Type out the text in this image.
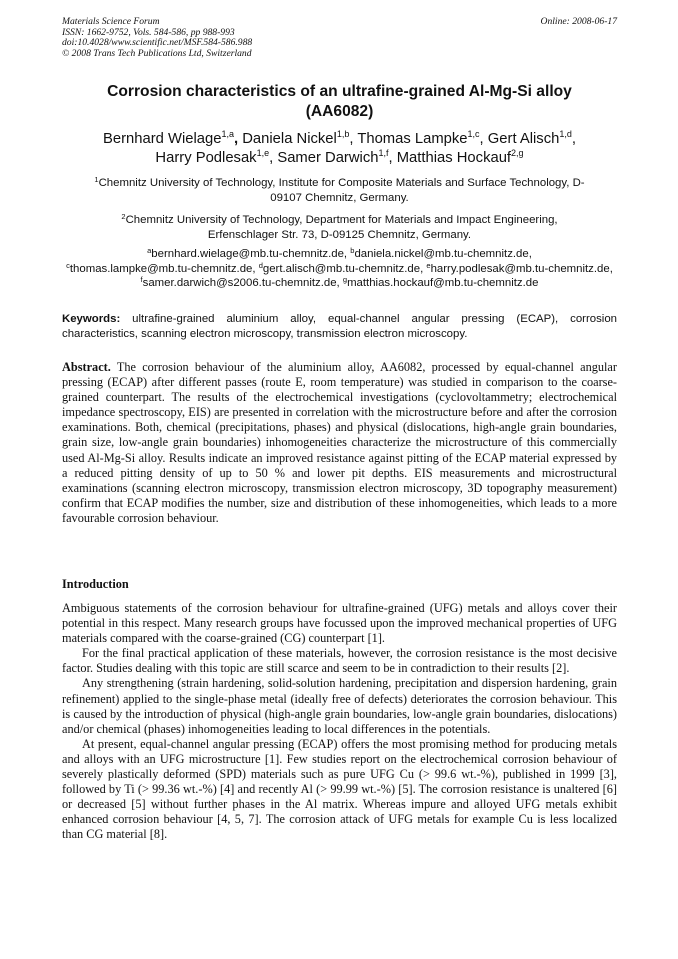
Materials Science Forum
ISSN: 1662-9752, Vols. 584-586, pp 988-993
doi:10.4028/www.scientific.net/MSF.584-586.988
© 2008 Trans Tech Publications Ltd, Switzerland
Online: 2008-06-17
Corrosion characteristics of an ultrafine-grained Al-Mg-Si alloy
(AA6082)
Bernhard Wielage$^{1,a}$, Daniela Nickel$^{1,b}$, Thomas Lampke$^{1,c}$, Gert Alisch$^{1,d}$,
Harry Podlesak$^{1,e}$, Samer Darwich$^{1,f}$, Matthias Hockauf$^{2,g}$
$^1$Chemnitz University of Technology, Institute for Composite Materials and Surface Technology, D-
09107 Chemnitz, Germany.
$^2$Chemnitz University of Technology, Department for Materials and Impact Engineering,
Erfenschlager Str. 73, D-09125 Chemnitz, Germany.
$^a$bernhard.wielage@mb.tu-chemnitz.de, $^b$daniela.nickel@mb.tu-chemnitz.de,
$^c$thomas.lampke@mb.tu-chemnitz.de, $^d$gert.alisch@mb.tu-chemnitz.de, $^e$harry.podlesak@mb.tu-chemnitz.de, $^f$samer.darwich@s2006.tu-chemnitz.de, $^g$matthias.hockauf@mb.tu-chemnitz.de
Keywords: ultrafine-grained aluminium alloy, equal-channel angular pressing (ECAP), corrosion characteristics, scanning electron microscopy, transmission electron microscopy.
Abstract. The corrosion behaviour of the aluminium alloy, AA6082, processed by equal-channel angular pressing (ECAP) after different passes (route E, room temperature) was studied in comparison to the coarse-grained counterpart. The results of the electrochemical investigations (cyclovoltammetry; electrochemical impedance spectroscopy, EIS) are presented in correlation with the microstructure before and after the corrosion examinations. Both, chemical (precipitations, phases) and physical (dislocations, high-angle grain boundaries, grain size, low-angle grain boundaries) inhomogeneities characterize the microstructure of this commercially used Al-Mg-Si alloy. Results indicate an improved resistance against pitting of the ECAP material expressed by a reduced pitting density of up to 50 % and lower pit depths. EIS measurements and microstructural examinations (scanning electron microscopy, transmission electron microscopy, 3D topography measurement) confirm that ECAP modifies the number, size and distribution of these inhomogeneities, which leads to a more favourable corrosion behaviour.
Introduction

Ambiguous statements of the corrosion behaviour for ultrafine-grained (UFG) metals and alloys cover their potential in this respect. Many research groups have focussed upon the improved mechanical properties of UFG materials compared with the coarse-grained (CG) counterpart [1].

For the final practical application of these materials, however, the corrosion resistance is the most decisive factor. Studies dealing with this topic are still scarce and seem to be in contradiction to their results [2].

Any strengthening (strain hardening, solid-solution hardening, precipitation and dispersion hardening, grain refinement) applied to the single-phase metal (ideally free of defects) deteriorates the corrosion behaviour. This is caused by the introduction of physical (high-angle grain boundaries, low-angle grain boundaries, dislocations) and/or chemical (phases) inhomogeneities leading to local differences in the potentials.

At present, equal-channel angular pressing (ECAP) offers the most promising method for producing metals and alloys with an UFG microstructure [1]. Few studies report on the electrochemical corrosion behaviour of severely plastically deformed (SPD) materials such as pure UFG Cu (> 99.6 wt.-%), published in 1999 [3], followed by Ti (> 99.36 wt.-%) [4] and recently Al (> 99.99 wt.-%) [5]. The corrosion resistance is unaltered [6] or decreased [5] without further phases in the Al matrix. Whereas impure and alloyed UFG metals exhibit enhanced corrosion behaviour [4, 5, 7]. The corrosion attack of UFG metals for example Cu is less localized than CG material [8].
